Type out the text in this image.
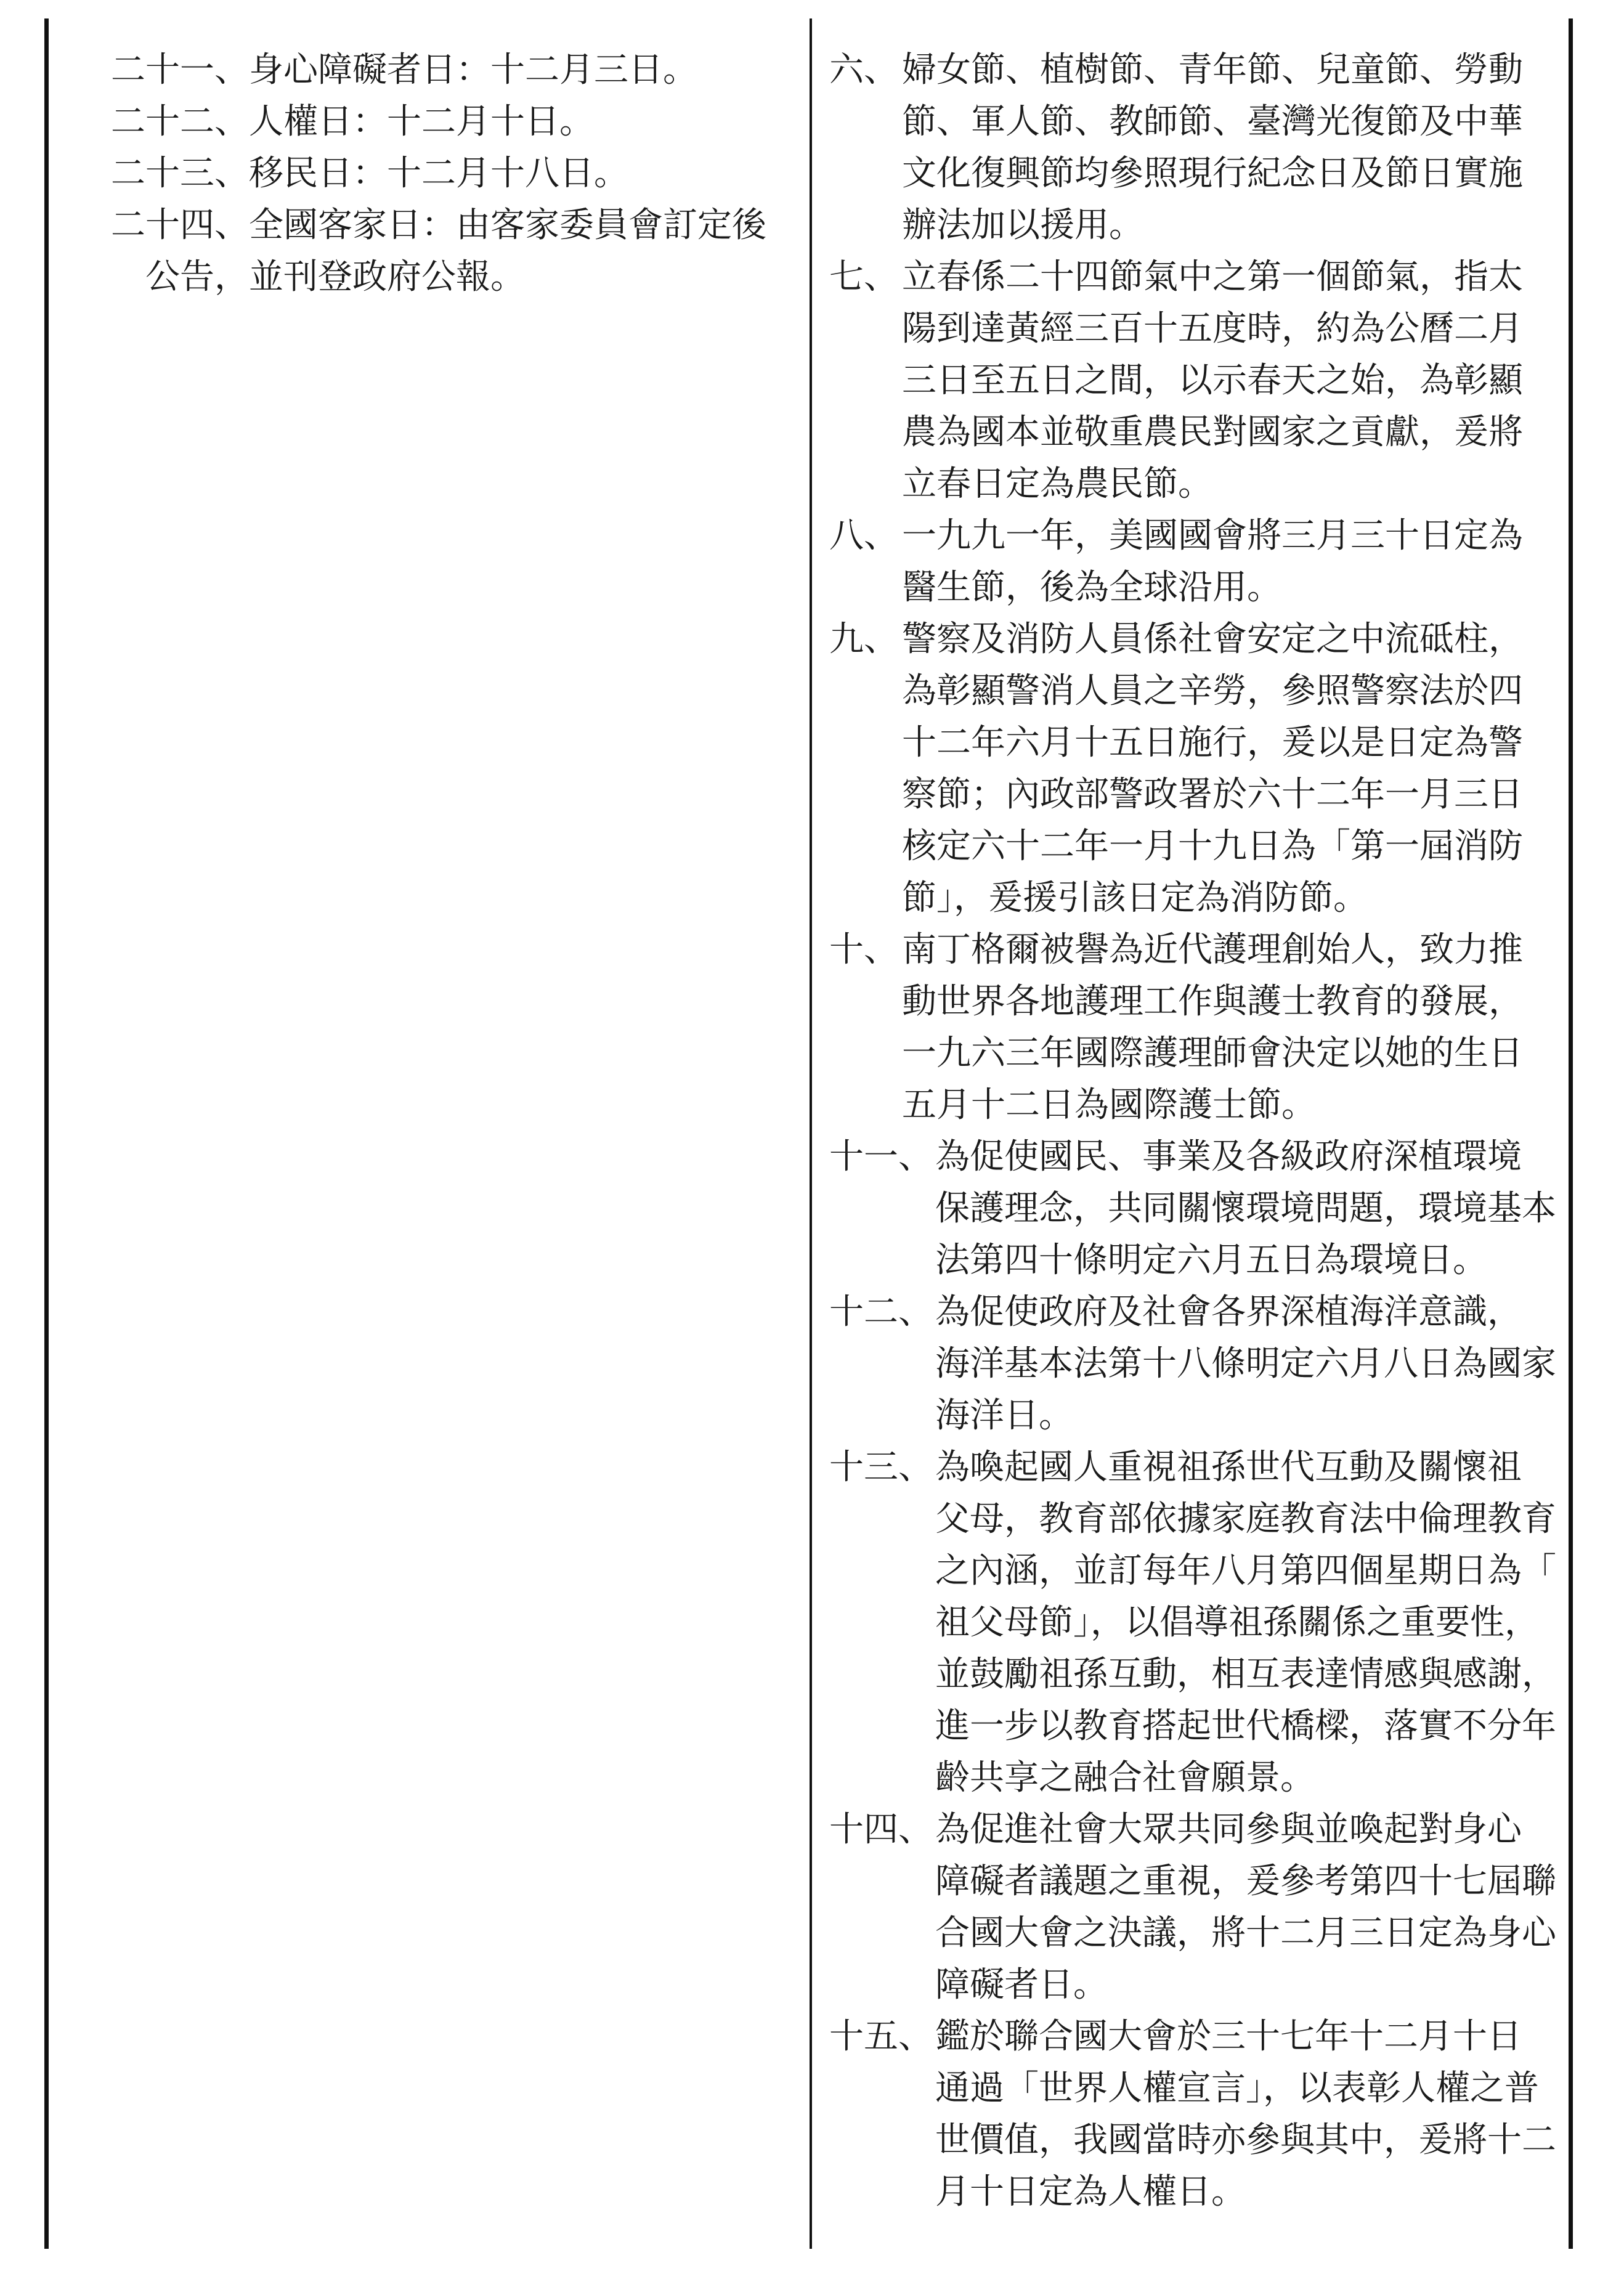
二十一、身心障礙者日：十二月三日。

二十二、人權日：十二月十日。

二十三、移民日：十二月十八日。

二十四、全國客家日：由客家委員會訂定後
公告，並刊登政府公報。

六、 婦女節、植樹節、青年節、兒童節、勞動
節、軍人節、教師節、臺灣光復節及中華
文化復興節均參照現行紀念日及節日實施
辦法加以援用。

七、 立春係二十四節氣中之第一個節氣，指太
陽到達黃經三百十五度時，約為公曆二月
三日至五日之間，以示春天之始，為彰顯
農為國本並敬重農民對國家之貢獻，爰將
立春日定為農民節。

八、 一九九一年，美國國會將三月三十日定為
醫生節，後為全球沿用。

九、 警察及消防人員係社會安定之中流砥柱，
為彰顯警消人員之辛勞，參照警察法於四
十二年六月十五日施行，爰以是日定為警
察節；內政部警政署於六十二年一月三日
核定六十二年一月十九日為「第一屆消防
節」，爰援引該日定為消防節。

十、 南丁格爾被譽為近代護理創始人，致力推
動世界各地護理工作與護士教育的發展，
一九六三年國際護理師會決定以她的生日
五月十二日為國際護士節。

十一、 為促使國民、事業及各級政府深植環境
保護理念，共同關懷環境問題，環境基本
法第四十條明定六月五日為環境日。

十二、 為促使政府及社會各界深植海洋意識，
海洋基本法第十八條明定六月八日為國家
海洋日。

十三、 為喚起國人重視祖孫世代互動及關懷祖
父母，教育部依據家庭教育法中倫理教育
之內涵，並訂每年八月第四個星期日為「
祖父母節」，以倡導祖孫關係之重要性，
並鼓勵祖孫互動，相互表達情感與感謝，
進一步以教育搭起世代橋樑，落實不分年
齡共享之融合社會願景。

十四、 為促進社會大眾共同參與並喚起對身心
障礙者議題之重視，爰參考第四十七屆聯
合國大會之決議，將十二月三日定為身心
障礙者日。

十五、 鑑於聯合國大會於三十七年十二月十日
通過「世界人權宣言」，以表彰人權之普
世價值，我國當時亦參與其中，爰將十二
月十日定為人權日。
